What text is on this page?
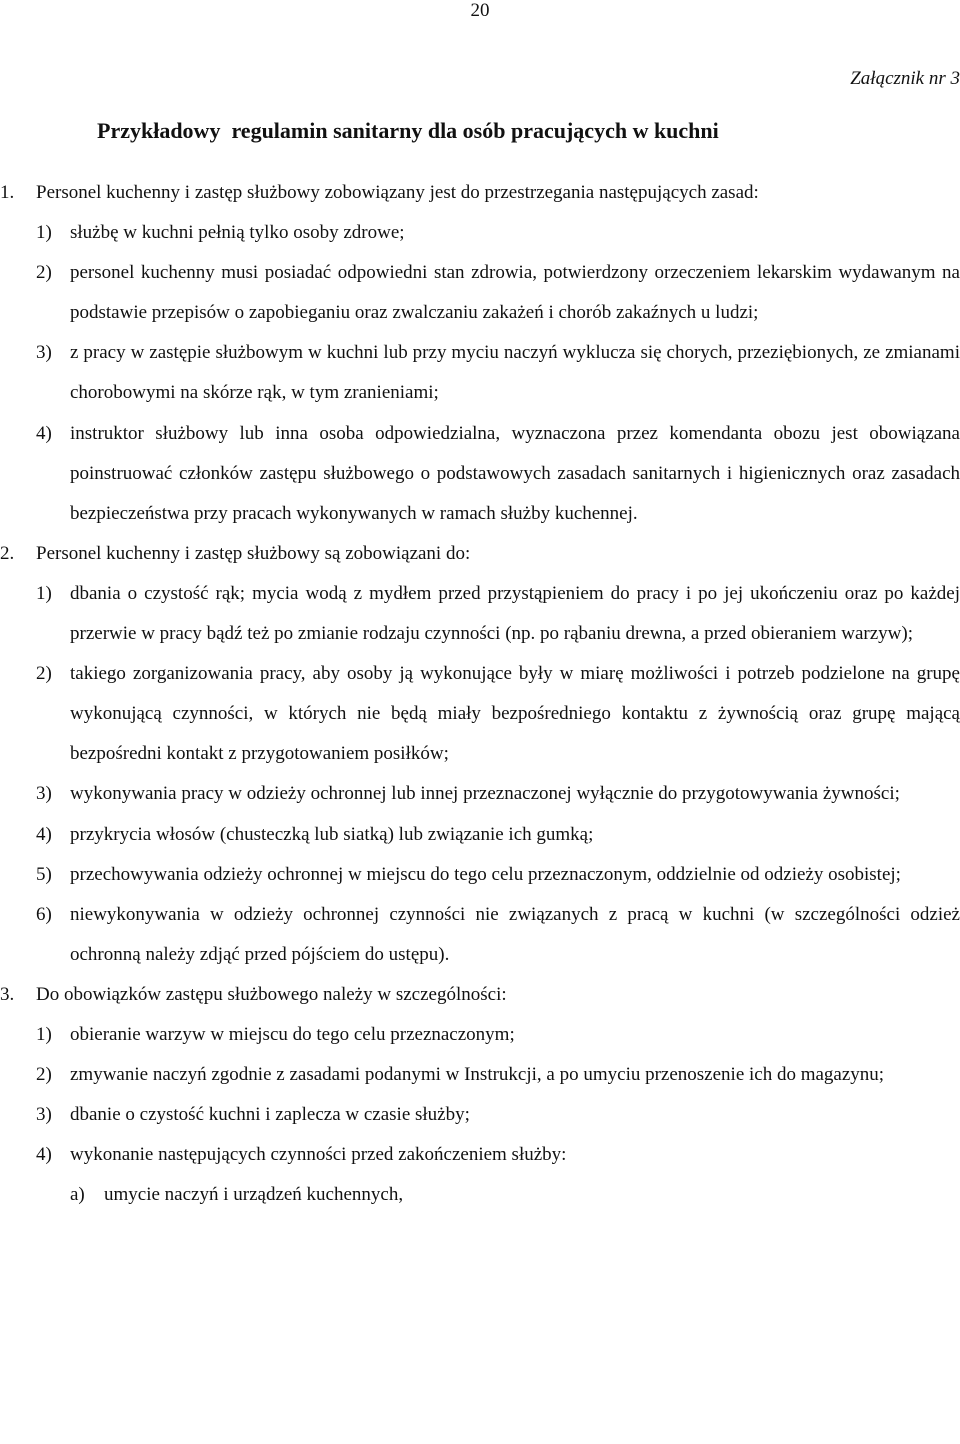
20
Załącznik nr 3
Przykładowy  regulamin sanitarny dla osób pracujących w kuchni
1. Personel kuchenny i zastęp służbowy zobowiązany jest do przestrzegania następujących zasad:
1) służbę w kuchni pełnią tylko osoby zdrowe;
2) personel kuchenny musi posiadać odpowiedni stan zdrowia, potwierdzony orzeczeniem lekarskim wydawanym na podstawie przepisów o zapobieganiu oraz zwalczaniu zakażeń i chorób zakaźnych u ludzi;
3) z pracy w zastępie służbowym w kuchni lub przy myciu naczyń wyklucza się chorych, przeziębionych, ze zmianami chorobowymi na skórze rąk, w tym zranieniami;
4) instruktor służbowy lub inna osoba odpowiedzialna, wyznaczona przez komendanta obozu jest obowiązana poinstruować członków zastępu służbowego o podstawowych zasadach sanitarnych i higienicznych oraz zasadach bezpieczeństwa przy pracach wykonywanych w ramach służby kuchennej.
2. Personel kuchenny i zastęp służbowy są zobowiązani do:
1) dbania o czystość rąk; mycia wodą z mydłem przed przystąpieniem do pracy i po jej ukończeniu oraz po każdej przerwie w pracy bądź też po zmianie rodzaju czynności (np. po rąbaniu drewna, a przed obieraniem warzyw);
2) takiego zorganizowania pracy, aby osoby ją wykonujące były w miarę możliwości i potrzeb podzielone na grupę wykonującą czynności, w których nie będą miały bezpośredniego kontaktu z żywnością oraz grupę mającą bezpośredni kontakt z przygotowaniem posiłków;
3) wykonywania pracy w odzieży ochronnej lub innej przeznaczonej wyłącznie do przygotowywania żywności;
4) przykrycia włosów (chusteczką lub siatką) lub związanie ich gumką;
5) przechowywania odzieży ochronnej w miejscu do tego celu przeznaczonym, oddzielnie od odzieży osobistej;
6) niewykonywania w odzieży ochronnej czynności nie związanych z pracą w kuchni (w szczególności odzież ochronną należy zdjąć przed pójściem do ustępu).
3. Do obowiązków zastępu służbowego należy w szczególności:
1) obieranie warzyw w miejscu do tego celu przeznaczonym;
2) zmywanie naczyń zgodnie z zasadami podanymi w Instrukcji, a po umyciu przenoszenie ich do magazynu;
3) dbanie o czystość kuchni i zaplecza w czasie służby;
4) wykonanie następujących czynności przed zakończeniem służby:
a) umycie naczyń i urządzeń kuchennych,
